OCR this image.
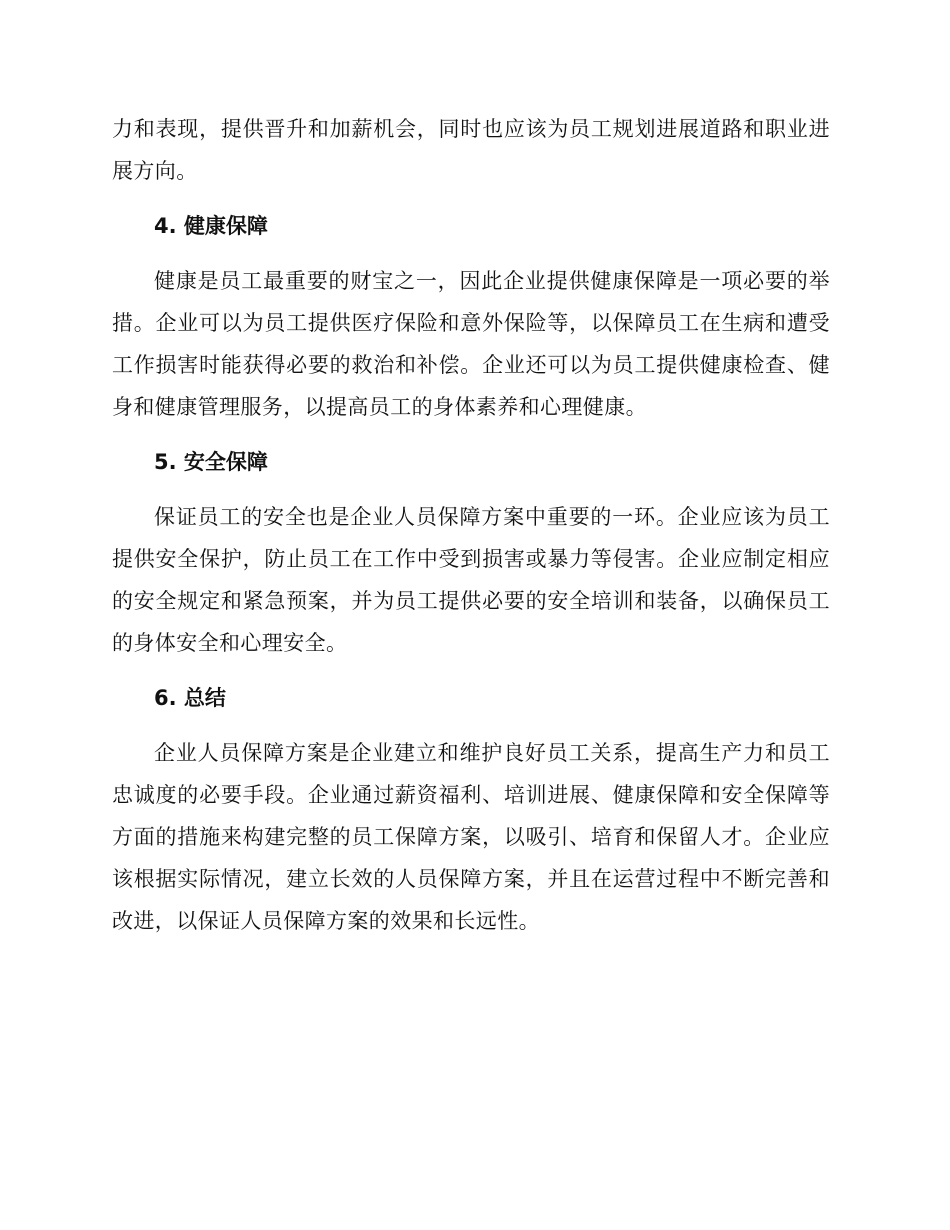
力和表现，提供晋升和加薪机会，同时也应该为员工规划进展道路和职业进展方向。

4. 健康保障

健康是员工最重要的财宝之一，因此企业提供健康保障是一项必要的举措。企业可以为员工提供医疗保险和意外保险等，以保障员工在生病和遭受工作损害时能获得必要的救治和补偿。企业还可以为员工提供健康检查、健身和健康管理服务，以提高员工的身体素养和心理健康。

5. 安全保障

保证员工的安全也是企业人员保障方案中重要的一环。企业应该为员工提供安全保护，防止员工在工作中受到损害或暴力等侵害。企业应制定相应的安全规定和紧急预案，并为员工提供必要的安全培训和装备，以确保员工的身体安全和心理安全。

6. 总结

企业人员保障方案是企业建立和维护良好员工关系，提高生产力和员工忠诚度的必要手段。企业通过薪资福利、培训进展、健康保障和安全保障等方面的措施来构建完整的员工保障方案，以吸引、培育和保留人才。企业应该根据实际情况，建立长效的人员保障方案，并且在运营过程中不断完善和改进，以保证人员保障方案的效果和长远性。
